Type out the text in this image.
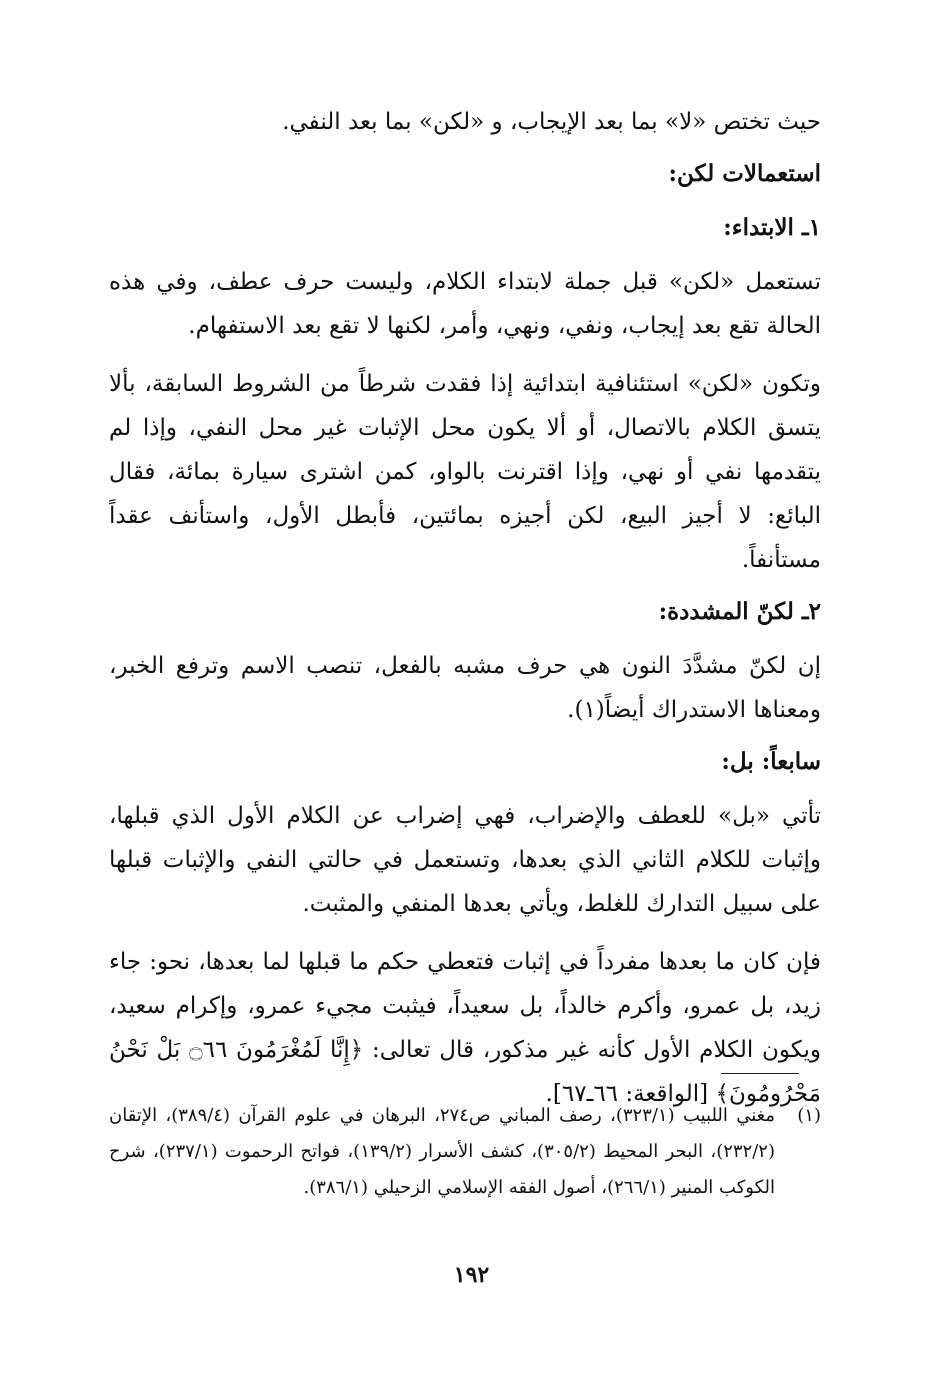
حيث تختص «لا» بما بعد الإيجاب، و «لكن» بما بعد النفي.

استعمالات لكن:

١ـ الابتداء:

تستعمل «لكن» قبل جملة لابتداء الكلام، وليست حرف عطف، وفي هذه الحالة تقع بعد إيجاب، ونفي، ونهي، وأمر، لكنها لا تقع بعد الاستفهام.

وتكون «لكن» استئنافية ابتدائية إذا فقدت شرطاً من الشروط السابقة، بألا يتسق الكلام بالاتصال، أو ألا يكون محل الإثبات غير محل النفي، وإذا لم يتقدمها نفي أو نهي، وإذا اقترنت بالواو، كمن اشترى سيارة بمائة، فقال البائع: لا أجيز البيع، لكن أجيزه بمائتين، فأبطل الأول، واستأنف عقداً مستأنفاً.

٢ـ لكنّ المشددة:

إن لكنّ مشدَّدَ النون هي حرف مشبه بالفعل، تنصب الاسم وترفع الخبر، ومعناها الاستدراك أيضاً(١).

سابعاً: بل:

تأتي «بل» للعطف والإضراب، فهي إضراب عن الكلام الأول الذي قبلها، وإثبات للكلام الثاني الذي بعدها، وتستعمل في حالتي النفي والإثبات قبلها على سبيل التدارك للغلط، ويأتي بعدها المنفي والمثبت.

فإن كان ما بعدها مفرداً في إثبات فتعطي حكم ما قبلها لما بعدها، نحو: جاء زيد، بل عمرو، وأكرم خالداً، بل سعيداً، فيثبت مجيء عمرو، وإكرام سعيد، ويكون الكلام الأول كأنه غير مذكور، قال تعالى: ﴿إِنَّا لَمُغْرَمُونَ ۝٦٦ بَلْ نَحْنُ مَحْرُومُونَ﴾ [الواقعة: ٦٦ـ٦٧].

(١)
مغني اللبيب (٣٢٣/١)، رصف المباني ص٢٧٤، البرهان في علوم القرآن (٣٨٩/٤)، الإتقان (٢٣٢/٢)، البحر المحيط (٣٠٥/٢)، كشف الأسرار (١٣٩/٢)، فواتح الرحموت (٢٣٧/١)، شرح الكوكب المنير (٢٦٦/١)، أصول الفقه الإسلامي الزحيلي (٣٨٦/١).
١٩٢
